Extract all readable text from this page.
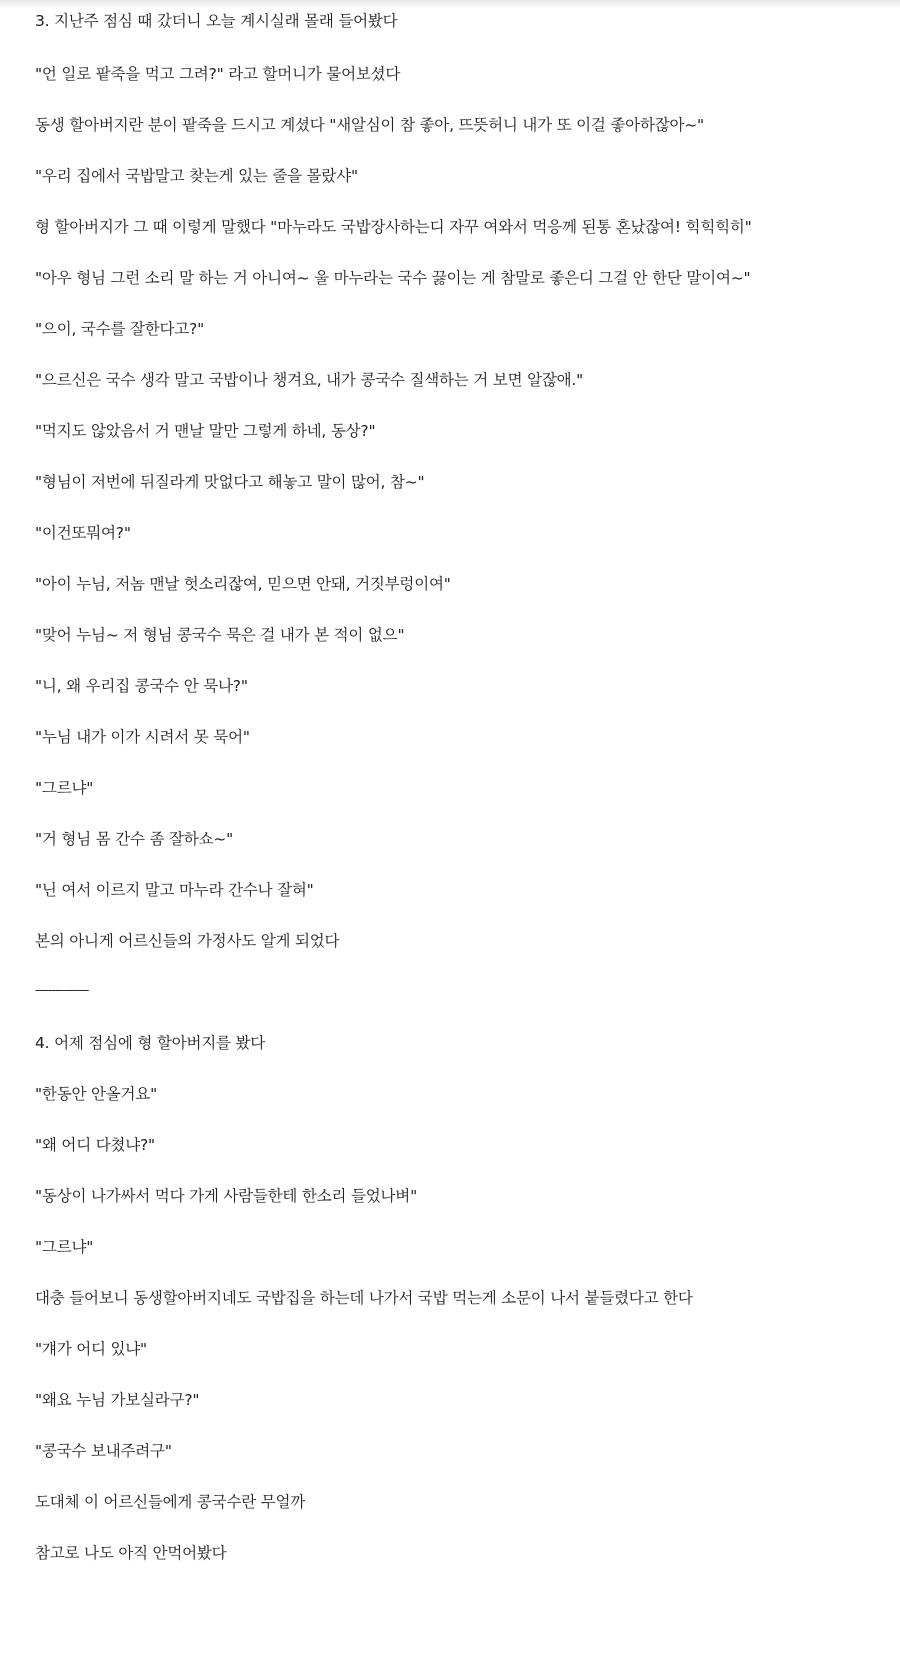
3. 지난주 점심 때 갔더니 오늘 계시실래 몰래 들어봤다
"언 일로 팥죽을 먹고 그려?" 라고 할머니가 물어보셨다
동생 할아버지란 분이 팥죽을 드시고 계셨다 "새알심이 참 좋아, 뜨뜻허니 내가 또 이걸 좋아하잖아~"
"우리 집에서 국밥말고 찾는게 있는 줄을 몰랐샤"
형 할아버지가 그 때 이렇게 말했다 "마누라도 국밥장사하는디 자꾸 여와서 먹응께 된통 혼났잖여! 힉힉힉히"
"아우 형님 그런 소리 말 하는 거 아니여~ 울 마누라는 국수 끓이는 게 참말로 좋은디 그걸 안 한단 말이여~"
"으이, 국수를 잘한다고?"
"으르신은 국수 생각 말고 국밥이나 챙겨요, 내가 콩국수 질색하는 거 보면 알잖애."
"먹지도 않았음서 거 맨날 말만 그렇게 하네, 동상?"
"형님이 저번에 뒤질라게 맛없다고 해놓고 말이 많어, 참~"
"이건또뭐여?"
"아이 누님, 저놈 맨날 헛소리잖여, 믿으면 안돼, 거짓부렁이여"
"맞어 누님~ 저 형님 콩국수 묵은 걸 내가 본 적이 없으"
"니, 왜 우리집 콩국수 안 묵나?"
"누님 내가 이가 시려서 못 묵어"
"그르냐"
"거 형님 몸 간수 좀 잘하쇼~"
"닌 여서 이르지 말고 마누라 간수나 잘혀"
본의 아니게 어르신들의 가정사도 알게 되었다
----------------
4. 어제 점심에 형 할아버지를 봤다
"한동안 안올거요"
"왜 어디 다쳤냐?"
"동상이 나가싸서 먹다 가게 사람들한테 한소리 들었나벼"
"그르냐"
대충 들어보니 동생할아버지네도 국밥집을 하는데 나가서 국밥 먹는게 소문이 나서 붙들렸다고 한다
"걔가 어디 있냐"
"왜요 누님 가보실라구?"
"콩국수 보내주려구"
도대체 이 어르신들에게 콩국수란 무얼까
참고로 나도 아직 안먹어봤다
